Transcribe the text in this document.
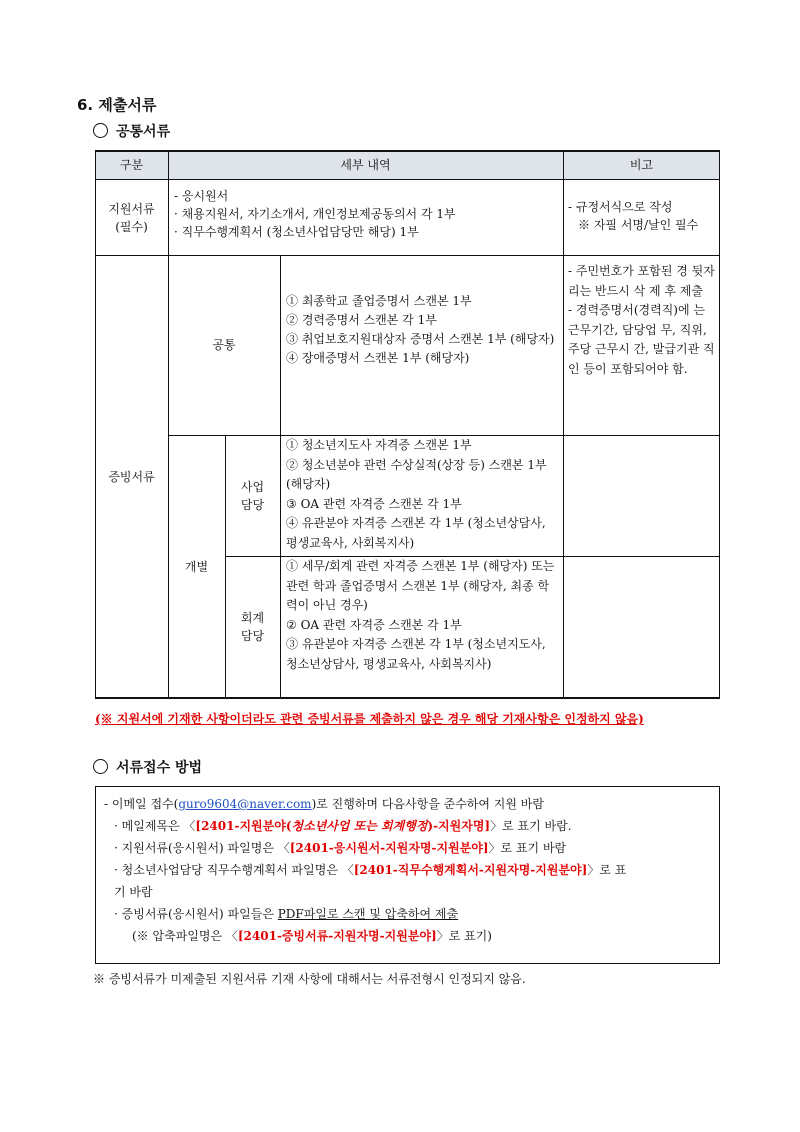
6. 제출서류
공통서류
구분	세부 내역	비고
지원서류
(필수)
- 응시원서
· 채용지원서, 자기소개서, 개인정보제공동의서 각 1부
· 직무수행계획서 (청소년사업담당만 해당) 1부
- 규정서식으로 작성
※ 자필 서명/날인 필수
증빙서류
공통
① 최종학교 졸업증명서 스캔본 1부
② 경력증명서 스캔본 각 1부
③ 취업보호지원대상자 증명서 스캔본 1부 (해당자)
④ 장애증명서 스캔본 1부 (해당자)
- 주민번호가 포함된 경 뒷자리는 반드시 삭 제 후 제출
- 경력증명서(경력직)에 는 근무기간, 담당업 무, 직위, 주당 근무시 간, 발급기관 직인 등이 포함되어야 함.
개별
사업
담당
① 청소년지도사 자격증 스캔본 1부
② 청소년분야 관련 수상실적(상장 등) 스캔본 1부 (해당자)
③ OA 관련 자격증 스캔본 각 1부
④ 유관분야 자격증 스캔본 각 1부 (청소년상담사, 평생교육사, 사회복지사)
회계
담당
① 세무/회계 관련 자격증 스캔본 1부 (해당자) 또는 관련 학과 졸업증명서 스캔본 1부 (해당자, 최종 학력이 아닌 경우)
② OA 관련 자격증 스캔본 각 1부
③ 유관분야 자격증 스캔본 각 1부 (청소년지도사, 청소년상담사, 평생교육사, 사회복지사)
(※ 지원서에 기재한 사항이더라도 관련 증빙서류를 제출하지 않은 경우 해당 기재사항은 인정하지 않음)
서류접수 방법
- 이메일 접수(guro9604@naver.com)로 진행하며 다음사항을 준수하여 지원 바람
· 메일제목은 〈[2401-지원분야(청소년사업 또는 회계행정)-지원자명]〉로 표기 바람.
· 지원서류(응시원서) 파일명은 〈[2401-응시원서-지원자명-지원분야]〉로 표기 바람
· 청소년사업담당 직무수행계획서 파일명은 〈[2401-직무수행계획서-지원자명-지원분야]〉로 표
기 바람
· 증빙서류(응시원서) 파일들은 PDF파일로 스캔 및 압축하여 제출
(※ 압축파일명은 〈[2401-증빙서류-지원자명-지원분야]〉로 표기)
※ 증빙서류가 미제출된 지원서류 기재 사항에 대해서는 서류전형시 인정되지 않음.
